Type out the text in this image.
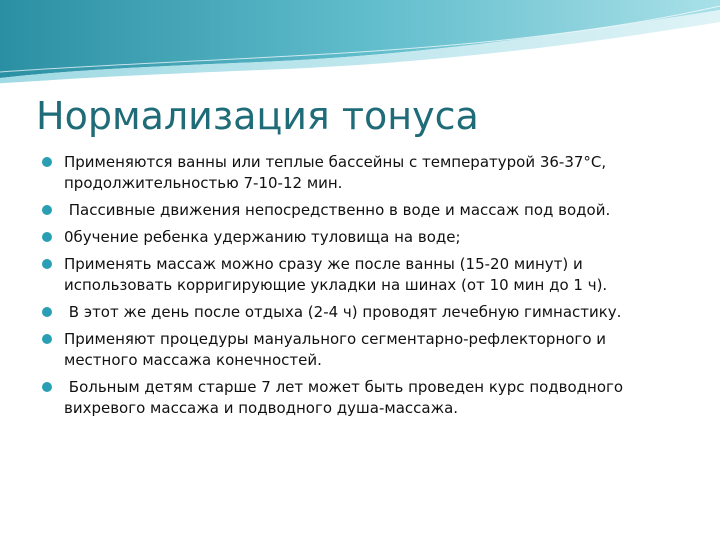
Нормализация тонуса
Применяются ванны или теплые бассейны с температурой 36-37°С, продолжительностью 7-10-12 мин.
Пассивные движения непосредственно в воде и массаж под водой.
0бучение ребенка удержанию туловища на воде;
Применять массаж можно сразу же после ванны (15-20 минут) и использовать корригирующие укладки на шинах (от 10 мин до 1 ч).
В этот же день после отдыха (2-4 ч) проводят лечебную гимнастику.
Применяют процедуры мануального сегментарно-рефлекторного и местного массажа конечностей.
Больным детям старше 7 лет может быть проведен курс подводного вихревого массажа и подводного душа-массажа.
